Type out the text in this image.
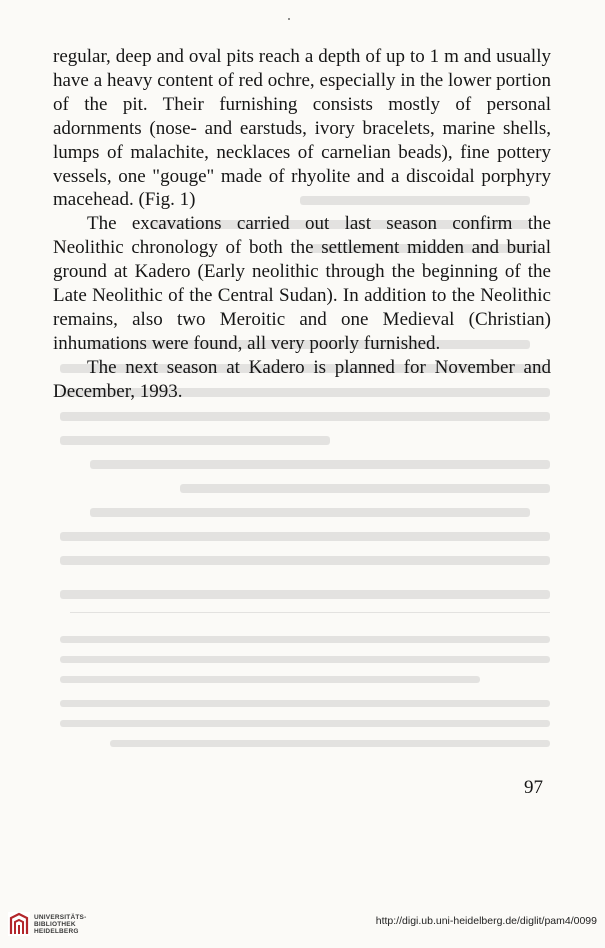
regular, deep and oval pits reach a depth of up to 1 m and usually have a heavy content of red ochre, especially in the lower portion of the pit. Their furnishing consists mostly of personal adornments (nose- and earstuds, ivory bracelets, marine shells, lumps of malachite, necklaces of carnelian beads), fine pottery vessels, one "gouge" made of rhyolite and a discoidal porphyry macehead. (Fig. 1)

The excavations carried out last season confirm the Neolithic chronology of both the settlement midden and burial ground at Kadero (Early neolithic through the beginning of the Late Neolithic of the Central Sudan). In addition to the Neolithic remains, also two Meroitic and one Medieval (Christian) inhumations were found, all very poorly furnished.

The next season at Kadero is planned for November and December, 1993.

97
UNIVERSITÄTS-
BIBLIOTHEK
HEIDELBERG
http://digi.ub.uni-heidelberg.de/diglit/pam4/0099
